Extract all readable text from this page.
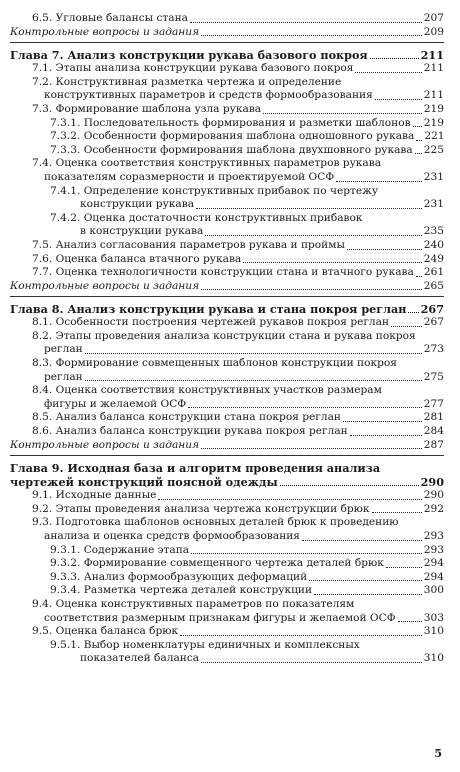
6.5. Угловые балансы стана	207
Контрольные вопросы и задания	209
Глава 7. Анализ конструкции рукава базового покроя	211
7.1. Этапы анализа конструкции рукава базового покроя	211
7.2. Конструктивная разметка чертежа и определение
конструктивных параметров и средств формообразования	211
7.3. Формирование шаблона узла рукава	219
7.3.1. Последовательность формирования и разметки шаблонов 219
7.3.2. Особенности формирования шаблона одношовного рукава 221
7.3.3. Особенности формирования шаблона двухшовного рукава 225
7.4. Оценка соответствия конструктивных параметров рукава
показателям соразмерности и проектируемой ОСФ	231
7.4.1. Определение конструктивных прибавок по чертежу
конструкции рукава	231
7.4.2. Оценка достаточности конструктивных прибавок
в конструкции рукава	235
7.5. Анализ согласования параметров рукава и проймы	240
7.6. Оценка баланса втачного рукава	249
7.7. Оценка технологичности конструкции стана и втачного рукава 261
Контрольные вопросы и задания	265
Глава 8. Анализ конструкции рукава и стана покроя реглан 267
8.1. Особенности построения чертежей рукавов покроя реглан	267
8.2. Этапы проведения анализа конструкции стана и рукава покроя
реглан	273
8.3. Формирование совмещенных шаблонов конструкции покроя
реглан	275
8.4. Оценка соответствия конструктивных участков размерам
фигуры и желаемой ОСФ	277
8.5. Анализ баланса конструкции стана покроя реглан	281
8.6. Анализ баланса конструкции рукава покроя реглан	284
Контрольные вопросы и задания	287
Глава 9. Исходная база и алгоритм проведения анализа
чертежей конструкций поясной одежды	290
9.1. Исходные данные	290
9.2. Этапы проведения анализа чертежа конструкции брюк	292
9.3. Подготовка шаблонов основных деталей брюк к проведению
анализа и оценка средств формообразования	293
9.3.1. Содержание этапа	293
9.3.2. Формирование совмещенного чертежа деталей брюк	294
9.3.3. Анализ формообразующих деформаций	294
9.3.4. Разметка чертежа деталей конструкции	300
9.4. Оценка конструктивных параметров по показателям
соответствия размерным признакам фигуры и желаемой ОСФ	303
9.5. Оценка баланса брюк	310
9.5.1. Выбор номенклатуры единичных и комплексных
показателей баланса	310
5
